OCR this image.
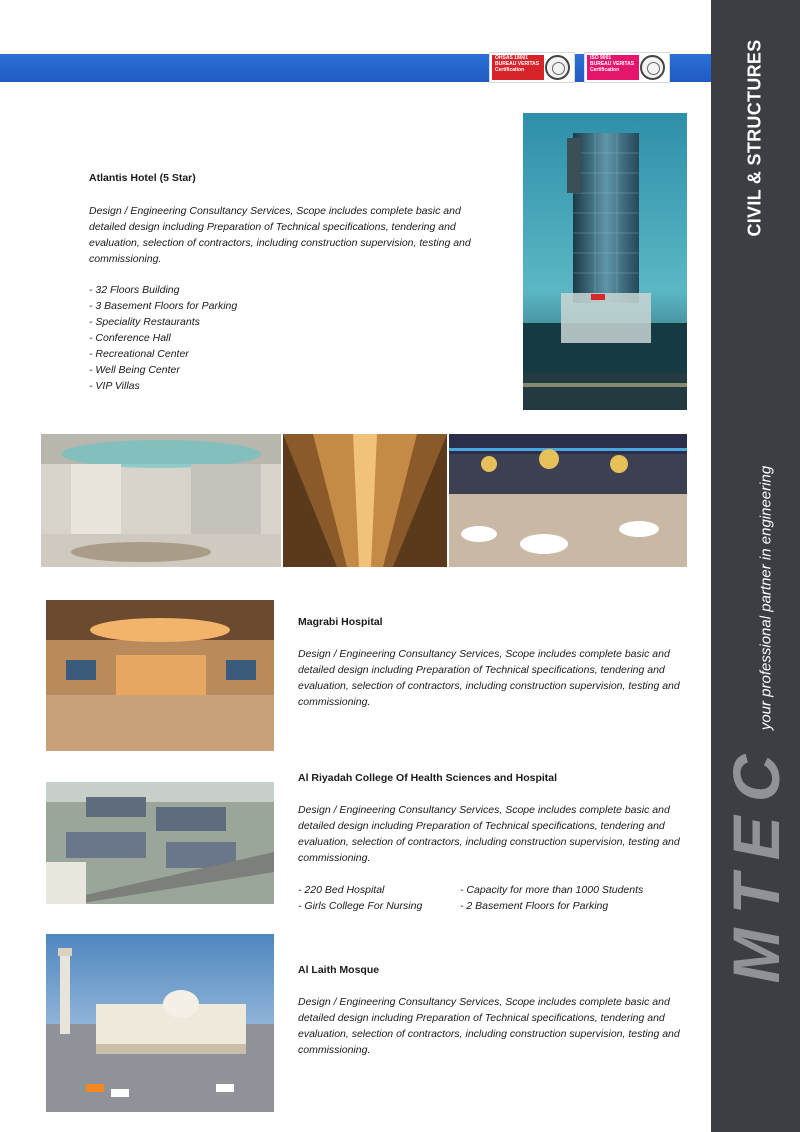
OHSAS 18001
BUREAU VERITAS
Certification
ISO 9001
BUREAU VERITAS
Certification	CIVIL & STRUCTURES
your professional partner in engineering
MTEC
Atlantis Hotel (5 Star)
Design / Engineering Consultancy Services, Scope includes complete basic and detailed design including Preparation of Technical specifications, tendering and evaluation, selection of contractors, including construction supervision, testing and commissioning.
- 32 Floors Building
- 3 Basement Floors for Parking
- Speciality Restaurants
- Conference Hall
- Recreational Center
- Well Being Center
- VIP Villas
Magrabi Hospital
Design / Engineering Consultancy Services, Scope includes complete basic and detailed design including Preparation of Technical specifications, tendering and evaluation, selection of contractors, including construction supervision, testing and commissioning.
Al Riyadah College Of Health Sciences and Hospital
Design / Engineering Consultancy Services, Scope includes complete basic and detailed design including Preparation of Technical specifications, tendering and evaluation, selection of contractors, including construction supervision, testing and commissioning.
- 220 Bed Hospital
- Girls College For Nursing
- Capacity for more than 1000 Students
- 2 Basement Floors for Parking
Al Laith Mosque
Design / Engineering Consultancy Services, Scope includes complete basic and detailed design including Preparation of Technical specifications, tendering and evaluation, selection of contractors, including construction supervision, testing and commissioning.
